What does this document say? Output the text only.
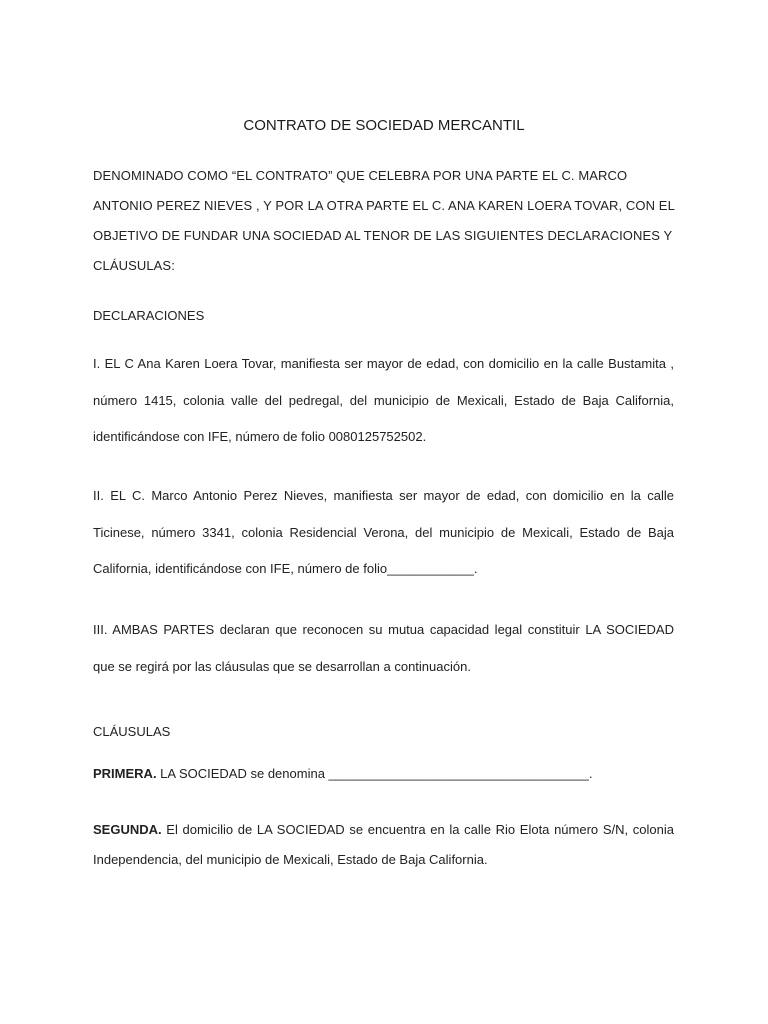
CONTRATO DE SOCIEDAD MERCANTIL
DENOMINADO COMO “EL CONTRATO” QUE CELEBRA POR UNA PARTE EL C. MARCO ANTONIO PEREZ NIEVES , Y POR LA OTRA PARTE EL C. ANA KAREN LOERA TOVAR, CON EL OBJETIVO DE FUNDAR UNA SOCIEDAD AL TENOR DE LAS SIGUIENTES DECLARACIONES Y CLÁUSULAS:
DECLARACIONES
I. EL C Ana Karen Loera Tovar, manifiesta ser mayor de edad, con domicilio en la calle Bustamita , número 1415, colonia valle del pedregal, del municipio de Mexicali, Estado de Baja California, identificándose con IFE, número de folio 0080125752502.
II. EL C. Marco Antonio Perez Nieves, manifiesta ser mayor de edad, con domicilio en la calle Ticinese, número 3341, colonia Residencial Verona, del municipio de Mexicali, Estado de Baja California, identificándose con IFE, número de folio____________.
III. AMBAS PARTES declaran que reconocen su mutua capacidad legal constituir LA SOCIEDAD que se regirá por las cláusulas que se desarrollan a continuación.
CLÁUSULAS
PRIMERA. LA SOCIEDAD se denomina ____________________________________.
SEGUNDA. El domicilio de LA SOCIEDAD se encuentra en la calle Rio Elota número S/N, colonia Independencia, del municipio de Mexicali, Estado de Baja California.
